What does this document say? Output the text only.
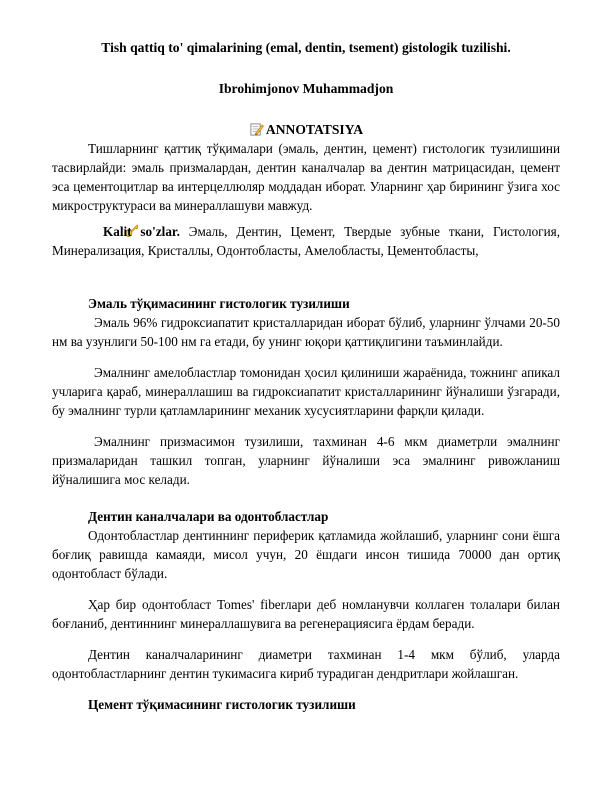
Tish qattiq to' qimalarining (emal, dentin, tsement) gistologik tuzilishi.
Ibrohimjonov Muhammadjon
ANNOTATSIYA

Тишларнинг қаттиқ тўқималари (эмаль, дентин, цемент) гистологик тузилишини тасвирлайди: эмаль призмалардан, дентин каналчалар ва дентин матрицасидан, цемент эса цементоцитлар ва интерцеллюляр моддадан иборат. Уларнинг ҳар бирининг ўзига хос микроструктураси ва минераллашуви мавжуд.

Kalit so'zlar. Эмаль, Дентин, Цемент, Твердые зубные ткани, Гистология, Минерализация, Кристаллы, Одонтобласты, Амелобласты, Цементобласты,

Эмаль тўқимасининг гистологик тузилиши

Эмаль 96% гидроксиапатит кристалларидан иборат бўлиб, уларнинг ўлчами 20-50 нм ва узунлиги 50-100 нм га етади, бу унинг юқори қаттиқлигини таъминлайди.

Эмалнинг амелобластлар томонидан ҳосил қилиниши жараёнида, тожнинг апикал учларига қараб, минераллашиш ва гидроксиапатит кристалларининг йўналиши ўзгаради, бу эмалнинг турли қатламларининг механик хусусиятларини фарқли қилади.

Эмалнинг призмасимон тузилиши, тахминан 4-6 мкм диаметрли эмалнинг призмаларидан ташкил топган, уларнинг йўналиши эса эмалнинг ривожланиш йўналишига мос келади.

Дентин каналчалари ва одонтобластлар

Одонтобластлар дентиннинг периферик қатламида жойлашиб, уларнинг сони ёшга боғлиқ равишда камаяди, мисол учун, 20 ёшдаги инсон тишида 70000 дан ортиқ одонтобласт бўлади.

Ҳар бир одонтобласт Tomes' fiberлари деб номланувчи коллаген толалари билан боғланиб, дентиннинг минераллашувига ва регенерациясига ёрдам беради.

Дентин каналчаларининг диаметри тахминан 1-4 мкм бўлиб, уларда одонтобластларнинг дентин тукимасига кириб турадиган дендритлари жойлашган.

Цемент тўқимасининг гистологик тузилиши
